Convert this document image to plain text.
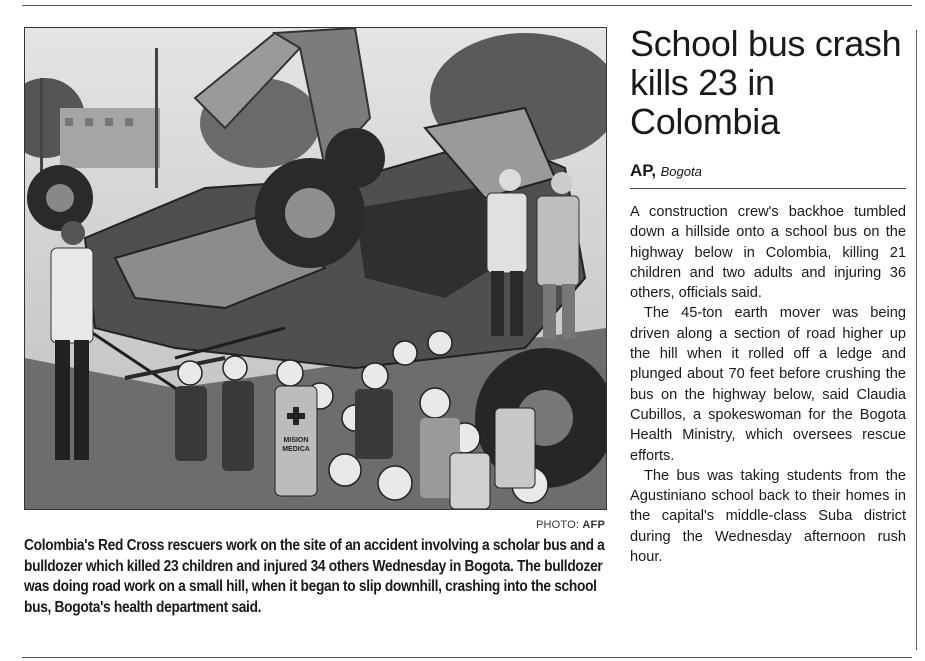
MISION
MEDICA
PHOTO: AFP
Colombia's Red Cross rescuers work on the site of an accident involving a scholar bus and a bulldozer which killed 23 children and injured 34 others Wednesday in Bogota. The bulldozer was doing road work on a small hill, when it began to slip downhill, crashing into the school bus, Bogota's health department said.
School bus crash kills 23 in Colombia
AP, Bogota

A construction crew's backhoe tumbled down a hillside onto a school bus on the highway below in Colombia, killing 21 children and two adults and injuring 36 others, officials said.

The 45-ton earth mover was being driven along a section of road higher up the hill when it rolled off a ledge and plunged about 70 feet before crushing the bus on the highway below, said Claudia Cubillos, a spokeswoman for the Bogota Health Ministry, which oversees rescue efforts.

The bus was taking students from the Agustiniano school back to their homes in the capital's middle-class Suba district during the Wednesday afternoon rush hour.
